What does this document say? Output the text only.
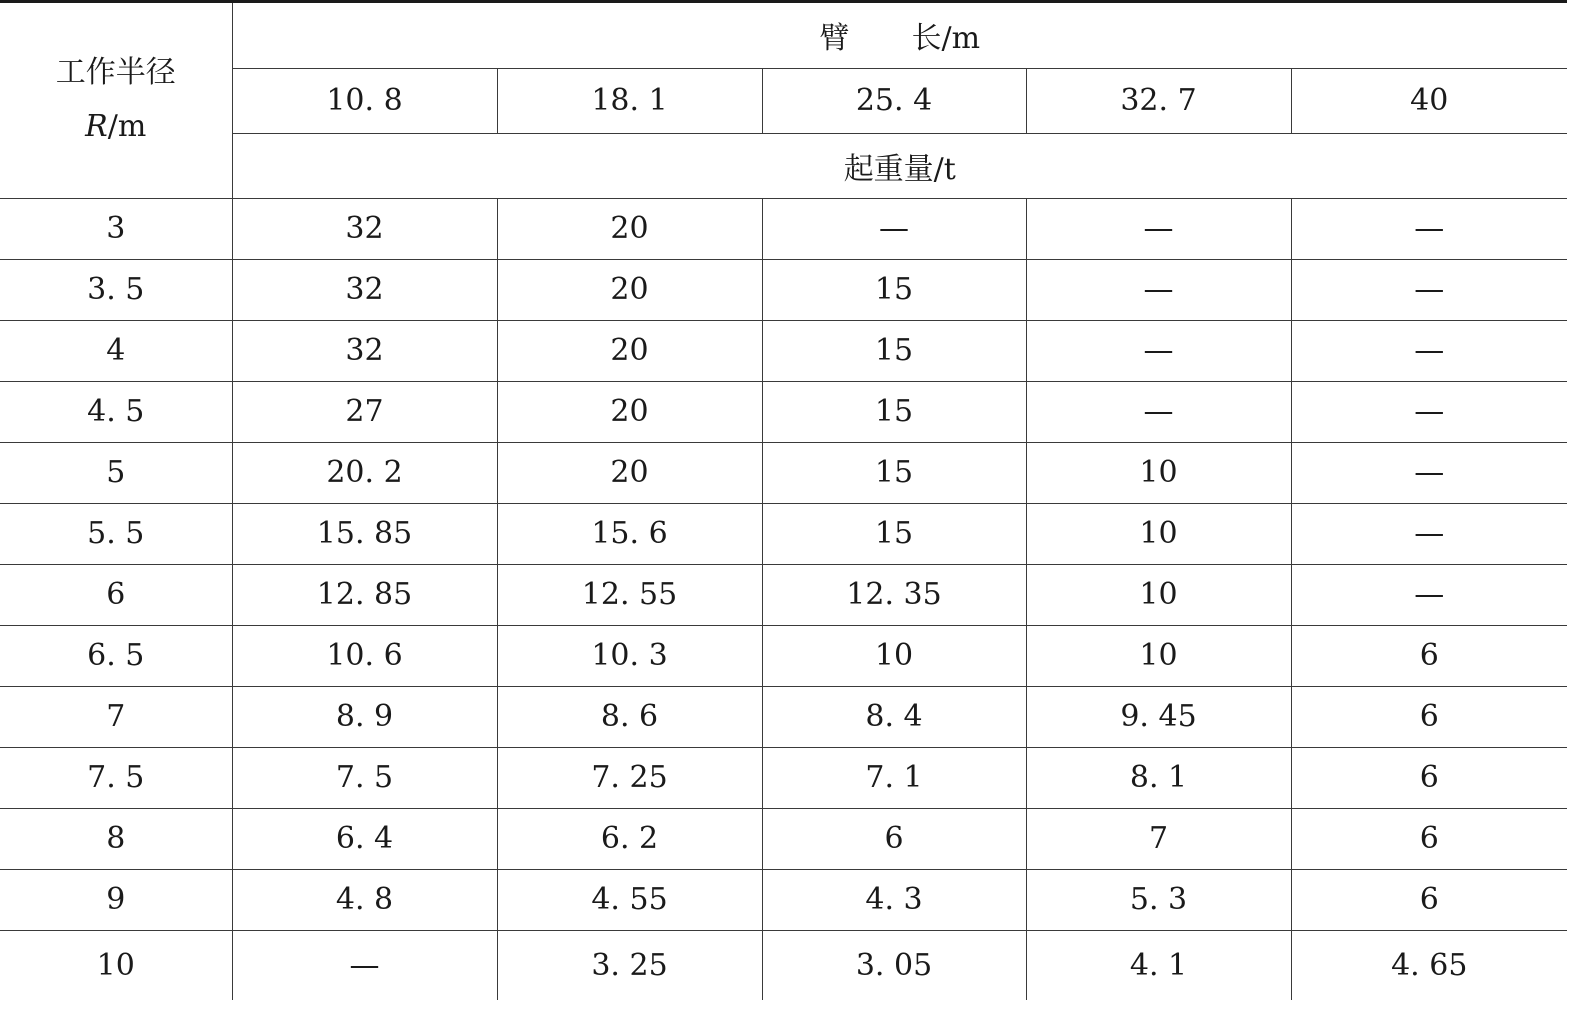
工作半径
R/m	臂 长/m				
	10. 8	18. 1	25. 4	32. 7	40
	起重量/t				
3	32	20	—	—	—
3. 5	32	20	15	—	—
4	32	20	15	—	—
4. 5	27	20	15	—	—
5	20. 2	20	15	10	—
5. 5	15. 85	15. 6	15	10	—
6	12. 85	12. 55	12. 35	10	—
6. 5	10. 6	10. 3	10	10	6
7	8. 9	8. 6	8. 4	9. 45	6
7. 5	7. 5	7. 25	7. 1	8. 1	6
8	6. 4	6. 2	6	7	6
9	4. 8	4. 55	4. 3	5. 3	6
10	—	3. 25	3. 05	4. 1	4. 65
